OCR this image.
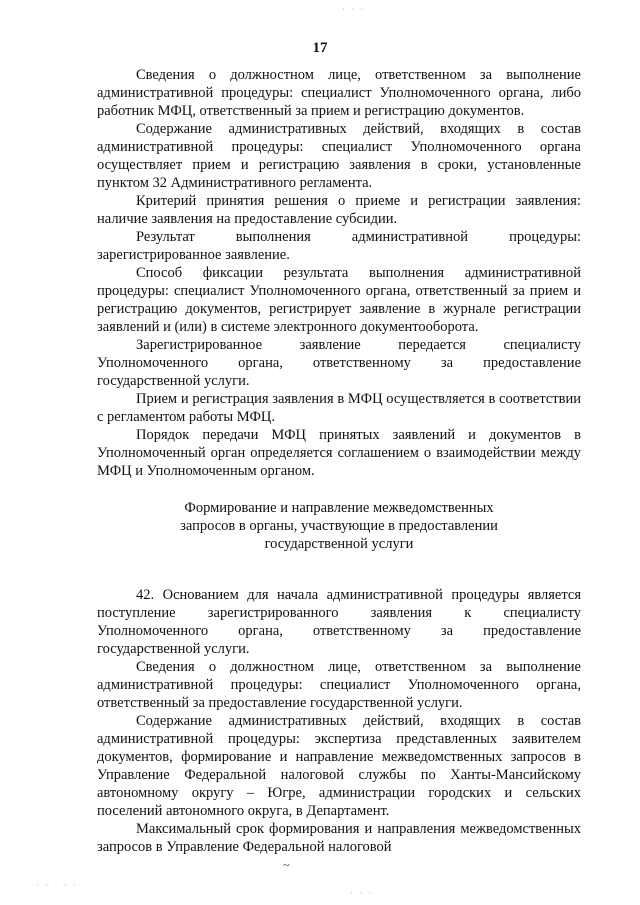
17

Сведения о должностном лице, ответственном за выполнение административной процедуры: специалист Уполномоченного органа, либо работник МФЦ, ответственный за прием и регистрацию документов.

Содержание административных действий, входящих в состав административной процедуры: специалист Уполномоченного органа осуществляет прием и регистрацию заявления в сроки, установленные пунктом 32 Административного регламента.

Критерий принятия решения о приеме и регистрации заявления: наличие заявления на предоставление субсидии.

Результат выполнения административной процедуры: зарегистрированное заявление.

Способ фиксации результата выполнения административной процедуры: специалист Уполномоченного органа, ответственный за прием и регистрацию документов, регистрирует заявление в журнале регистрации заявлений и (или) в системе электронного документооборота.

Зарегистрированное заявление передается специалисту Уполномоченного органа, ответственному за предоставление государственной услуги.

Прием и регистрация заявления в МФЦ осуществляется в соответствии с регламентом работы МФЦ.

Порядок передачи МФЦ принятых заявлений и документов в Уполномоченный орган определяется соглашением о взаимодействии между МФЦ и Уполномоченным органом.

Формирование и направление межведомственных
запросов в органы, участвующие в предоставлении
государственной услуги

42. Основанием для начала административной процедуры является поступление зарегистрированного заявления к специалисту Уполномоченного органа, ответственному за предоставление государственной услуги.

Сведения о должностном лице, ответственном за выполнение административной процедуры: специалист Уполномоченного органа, ответственный за предоставление государственной услуги.

Содержание административных действий, входящих в состав административной процедуры: экспертиза представленных заявителем документов, формирование и направление межведомственных запросов в Управление Федеральной налоговой службы по Ханты-Мансийскому автономному округу – Югре, администрации городских и сельских поселений автономного округа, в Департамент.

Максимальный срок формирования и направления межведомственных запросов в Управление Федеральной налоговой

· · ·
~
· · · · ·
· · ·
